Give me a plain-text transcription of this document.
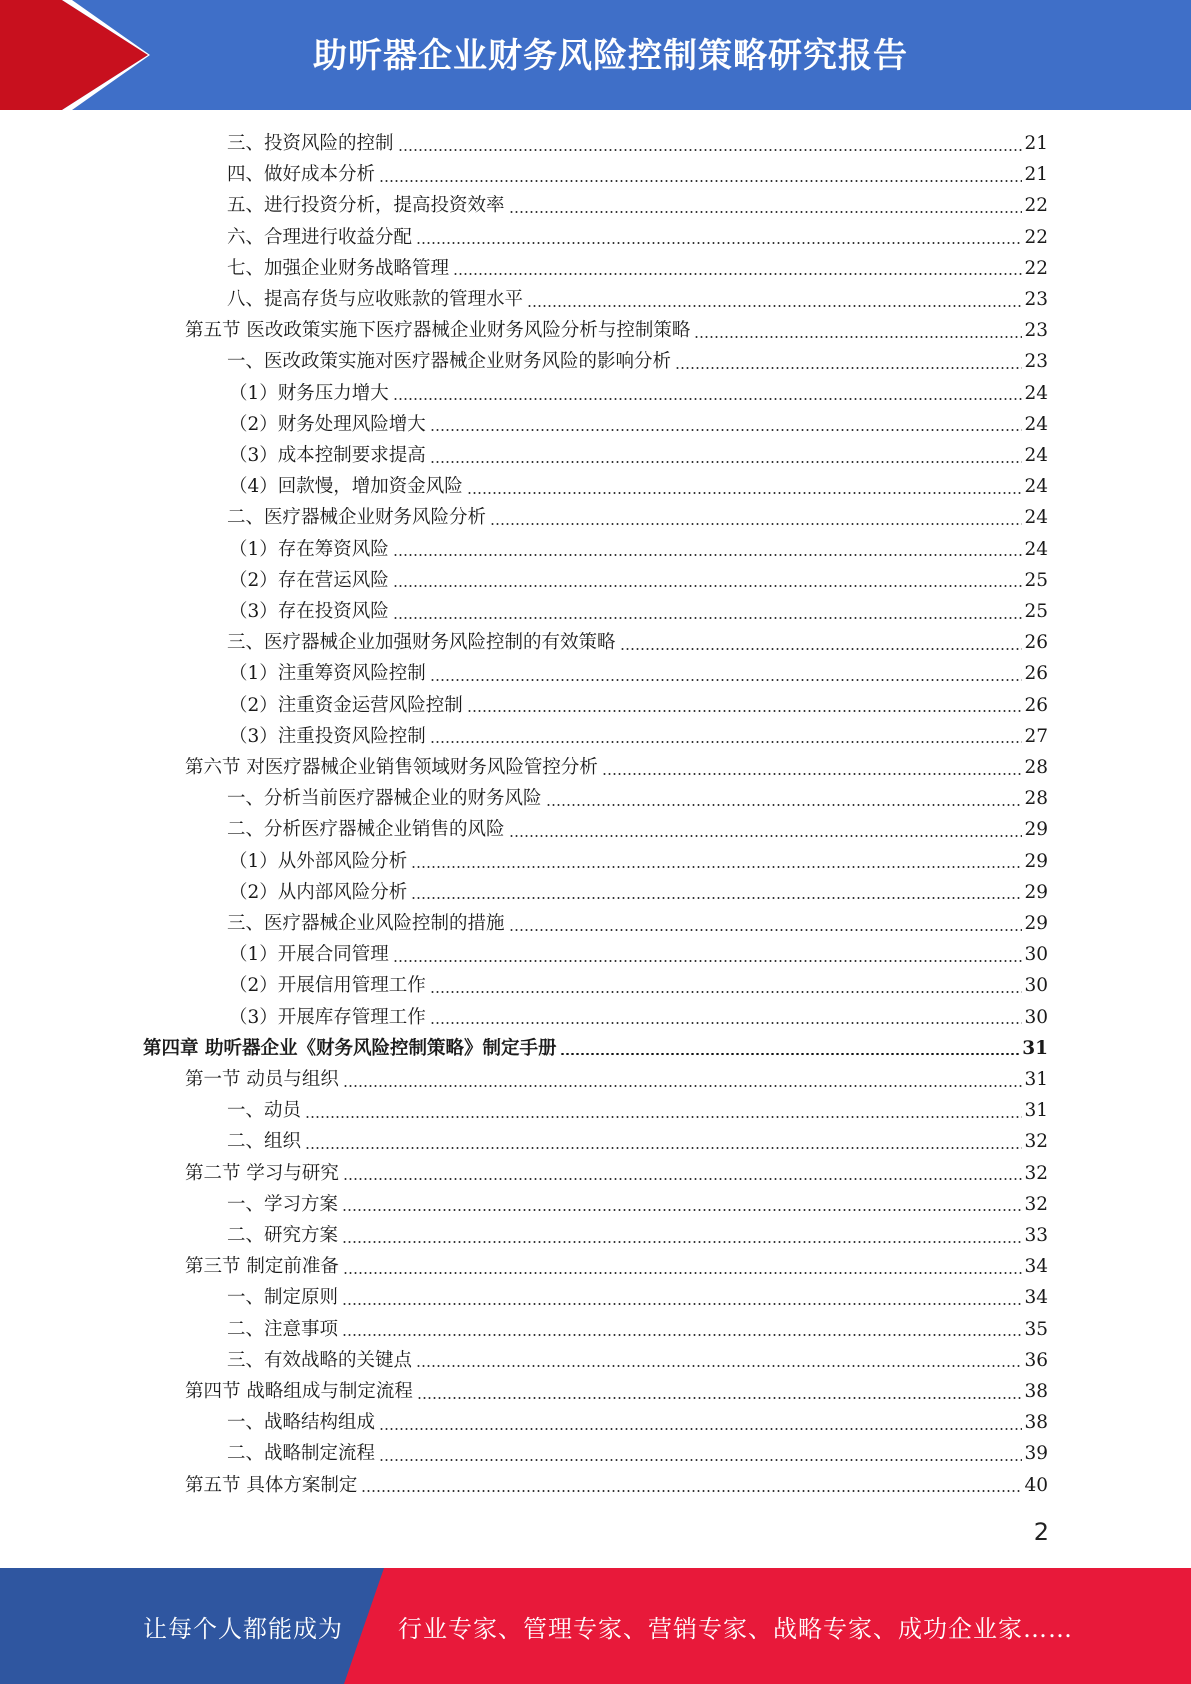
助听器企业财务风险控制策略研究报告
三、投资风险的控制	21
四、做好成本分析	21
五、进行投资分析，提高投资效率	22
六、合理进行收益分配	22
七、加强企业财务战略管理	22
八、提高存货与应收账款的管理水平	23
第五节 医改政策实施下医疗器械企业财务风险分析与控制策略	23
一、医改政策实施对医疗器械企业财务风险的影响分析	23
（1）财务压力增大	24
（2）财务处理风险增大	24
（3）成本控制要求提高	24
（4）回款慢，增加资金风险	24
二、医疗器械企业财务风险分析	24
（1）存在筹资风险	24
（2）存在营运风险	25
（3）存在投资风险	25
三、医疗器械企业加强财务风险控制的有效策略	26
（1）注重筹资风险控制	26
（2）注重资金运营风险控制	26
（3）注重投资风险控制	27
第六节 对医疗器械企业销售领域财务风险管控分析	28
一、分析当前医疗器械企业的财务风险	28
二、分析医疗器械企业销售的风险	29
（1）从外部风险分析	29
（2）从内部风险分析	29
三、医疗器械企业风险控制的措施	29
（1）开展合同管理	30
（2）开展信用管理工作	30
（3）开展库存管理工作	30
第四章 助听器企业《财务风险控制策略》制定手册	31
第一节 动员与组织	31
一、动员	31
二、组织	32
第二节 学习与研究	32
一、学习方案	32
二、研究方案	33
第三节 制定前准备	34
一、制定原则	34
二、注意事项	35
三、有效战略的关键点	36
第四节 战略组成与制定流程	38
一、战略结构组成	38
二、战略制定流程	39
第五节 具体方案制定	40
2
让每个人都能成为 行业专家、管理专家、营销专家、战略专家、成功企业家……
